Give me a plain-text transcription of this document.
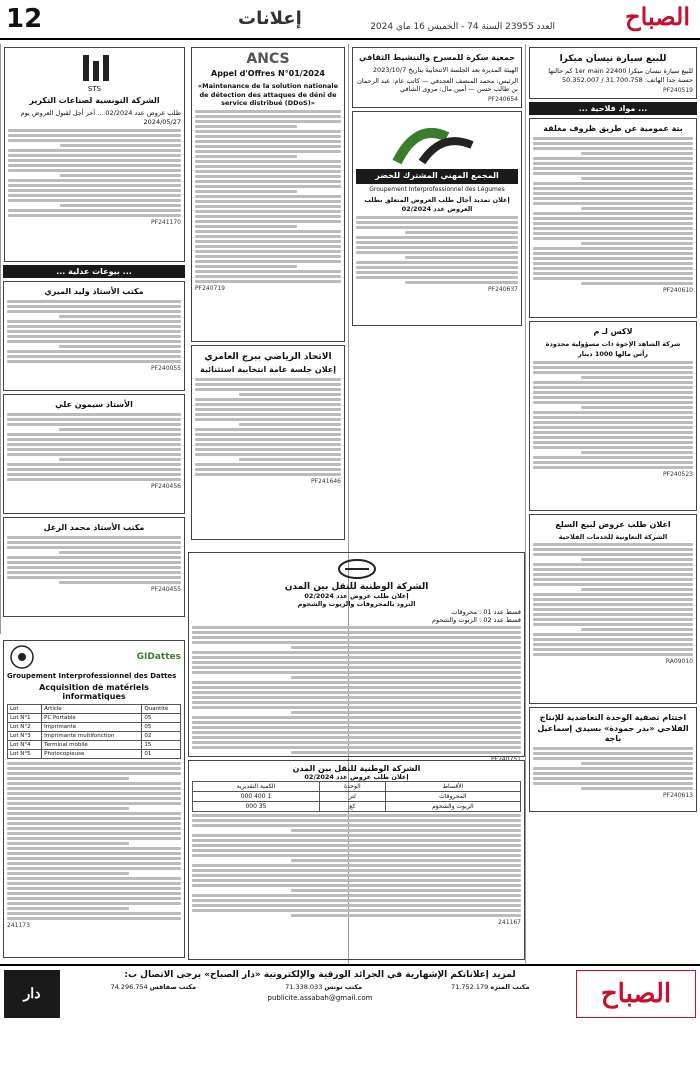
12	إعلانات	العدد 23955 السنة 74 - الخميس 16 ماي 2024	الصباح
للبيع سيارة نيسان ميكرا

للبيع سيارة نيسان ميكرا 1er main 22400 كم حالتها حسنة جدا الهاتف: 31.700.758 / 50.352.007

PF240519
... مواد فلاحية ...
بتة عمومية عن طريق ظروف مغلقة
PF240610
لاكس لـ م

شركة الشاهد الإخوة ذات مسؤولية محدودة

رأس مالها 1000 دينار

PF240523
اعلان طلب عروض لبيع السلع

الشركة التعاونية للخدمات الفلاحية

RA09010
اختتام تصفية الوحدة التعاضدية للإنتاج الفلاحي «بدر حمودة» بسيدي إسماعيل باجة
PF240613
جمعية سكرة للمسرح والتنشيط الثقافي

الهيئة المديرة بعد الجلسة الانتخابية بتاريخ 2023/10/7

الرئيس: محمد المنصف العجدفي — كاتب عام: عبد الرحمان بن طالب حسن — أمين مال: مروى الشافي

PF240654
المجمع المهني المشترك للخضر

Groupement Interprofessionnel des Légumes

إعلان تمديد آجال طلب العروض المتعلق بطلب العروض عدد 02/2024

PF240637
الشركة الوطنية للنقل بين المدن

إعلان طلب عروض عدد 02/2024

التزود بالمحروقات والزيوت والشحوم

قسط عدد 01 : محروقات

قسط عدد 02 : الزيوت والشحوم

PF240751
الشركة الوطنية للنقل بين المدن

إعلان طلب عروض عدد 02/2024

الأقساط	الوحدة	الكمية التقديرية
المحروقات	لتر	1 400 000
الزيوت والشحوم	كغ	35 000
241167
ANCS
Appel d'Offres N°01/2024

«Maintenance de la solution nationale de détection des attaques de déni de service distribué (DDoS)»

PF240719
الاتحاد الرياضي ببرج العامري
إعلان جلسة عامة انتخابية استثنائية
PF241646
STS
الشركة التونسية لصناعات التكرير

طلب عروض عدد 02/2024 ... آخر أجل لقبول العروض يوم 2024/05/27

PF241170
... بيوعات عدلية ...
مكتب الأستاذ وليد الميري
PF240055
الأستاذ سيمون علي
PF240456
مكتب الأستاذ محمد الزغل
PF240455
GIDattes
Groupement Interprofessionnel des Dattes
Acquisition de matériels informatiques
Lot	Article	Quantité
Lot N°1	PC Portable	05
Lot N°2	Imprimante	05
Lot N°3	Imprimante multifonction	02
Lot N°4	Terminal mobile	15
Lot N°5	Photocopieuse	01
241173
الصباح
دار الصباح
لمزيد إعلاناتكم الإشهارية في الجرائد الورقية والإلكترونية «دار الصباح» يرجى الاتصال ب:
مكتب المنزه 71.752.179
مكتب تونس 71.338.033
مكتب صفاقس 74.296.754
publicite.assabah@gmail.com
